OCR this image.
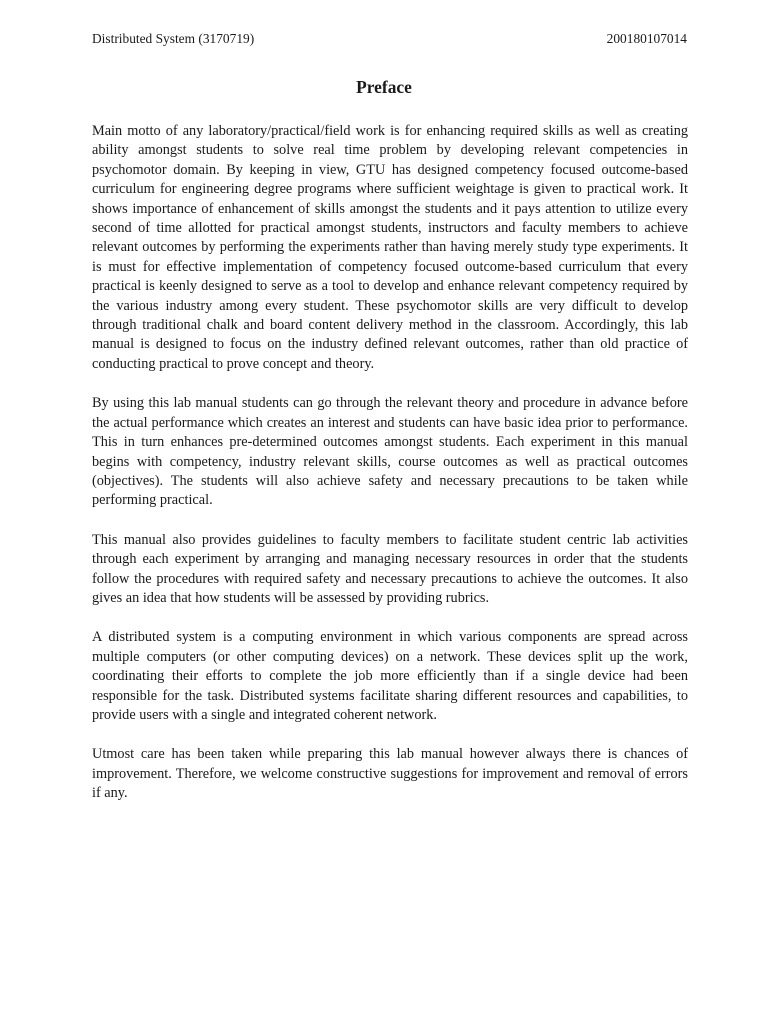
Distributed System (3170719)	200180107014
Preface

Main motto of any laboratory/practical/field work is for enhancing required skills as well as creating ability amongst students to solve real time problem by developing relevant competencies in psychomotor domain. By keeping in view, GTU has designed competency focused outcome-based curriculum for engineering degree programs where sufficient weightage is given to practical work. It shows importance of enhancement of skills amongst the students and it pays attention to utilize every second of time allotted for practical amongst students, instructors and faculty members to achieve relevant outcomes by performing the experiments rather than having merely study type experiments. It is must for effective implementation of competency focused outcome-based curriculum that every practical is keenly designed to serve as a tool to develop and enhance relevant competency required by the various industry among every student. These psychomotor skills are very difficult to develop through traditional chalk and board content delivery method in the classroom. Accordingly, this lab manual is designed to focus on the industry defined relevant outcomes, rather than old practice of conducting practical to prove concept and theory.

By using this lab manual students can go through the relevant theory and procedure in advance before the actual performance which creates an interest and students can have basic idea prior to performance. This in turn enhances pre-determined outcomes amongst students. Each experiment in this manual begins with competency, industry relevant skills, course outcomes as well as practical outcomes (objectives). The students will also achieve safety and necessary precautions to be taken while performing practical.

This manual also provides guidelines to faculty members to facilitate student centric lab activities through each experiment by arranging and managing necessary resources in order that the students follow the procedures with required safety and necessary precautions to achieve the outcomes. It also gives an idea that how students will be assessed by providing rubrics.

A distributed system is a computing environment in which various components are spread across multiple computers (or other computing devices) on a network. These devices split up the work, coordinating their efforts to complete the job more efficiently than if a single device had been responsible for the task. Distributed systems facilitate sharing different resources and capabilities, to provide users with a single and integrated coherent network.

Utmost care has been taken while preparing this lab manual however always there is chances of improvement. Therefore, we welcome constructive suggestions for improvement and removal of errors if any.
